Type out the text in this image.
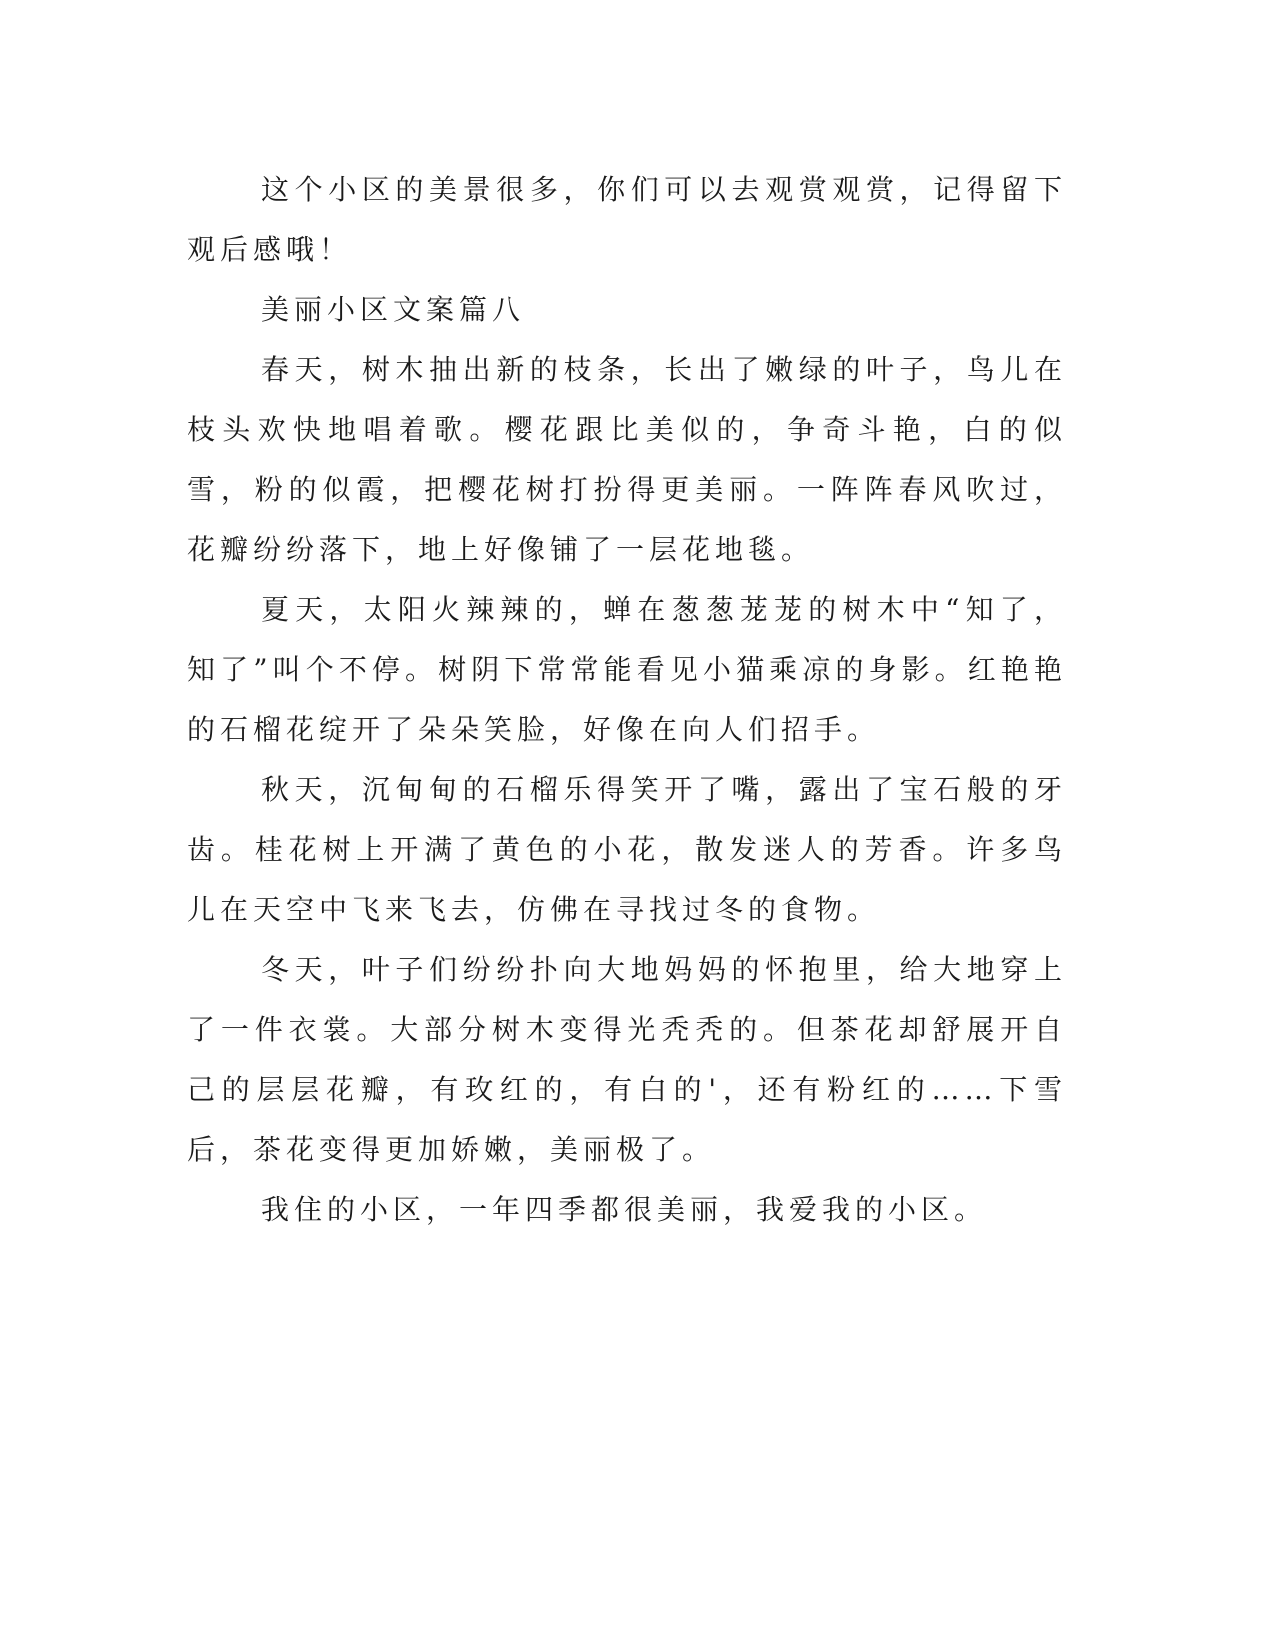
这个小区的美景很多，你们可以去观赏观赏，记得留下观后感哦！

美丽小区文案篇八

春天，树木抽出新的枝条，长出了嫩绿的叶子，鸟儿在枝头欢快地唱着歌。樱花跟比美似的，争奇斗艳，白的似雪，粉的似霞，把樱花树打扮得更美丽。一阵阵春风吹过，花瓣纷纷落下，地上好像铺了一层花地毯。

夏天，太阳火辣辣的，蝉在葱葱茏茏的树木中“知了，知了”叫个不停。树阴下常常能看见小猫乘凉的身影。红艳艳的石榴花绽开了朵朵笑脸，好像在向人们招手。

秋天，沉甸甸的石榴乐得笑开了嘴，露出了宝石般的牙齿。桂花树上开满了黄色的小花，散发迷人的芳香。许多鸟儿在天空中飞来飞去，仿佛在寻找过冬的食物。

冬天，叶子们纷纷扑向大地妈妈的怀抱里，给大地穿上了一件衣裳。大部分树木变得光秃秃的。但茶花却舒展开自己的层层花瓣，有玫红的，有白的'，还有粉红的……下雪后，茶花变得更加娇嫩，美丽极了。

我住的小区，一年四季都很美丽，我爱我的小区。
